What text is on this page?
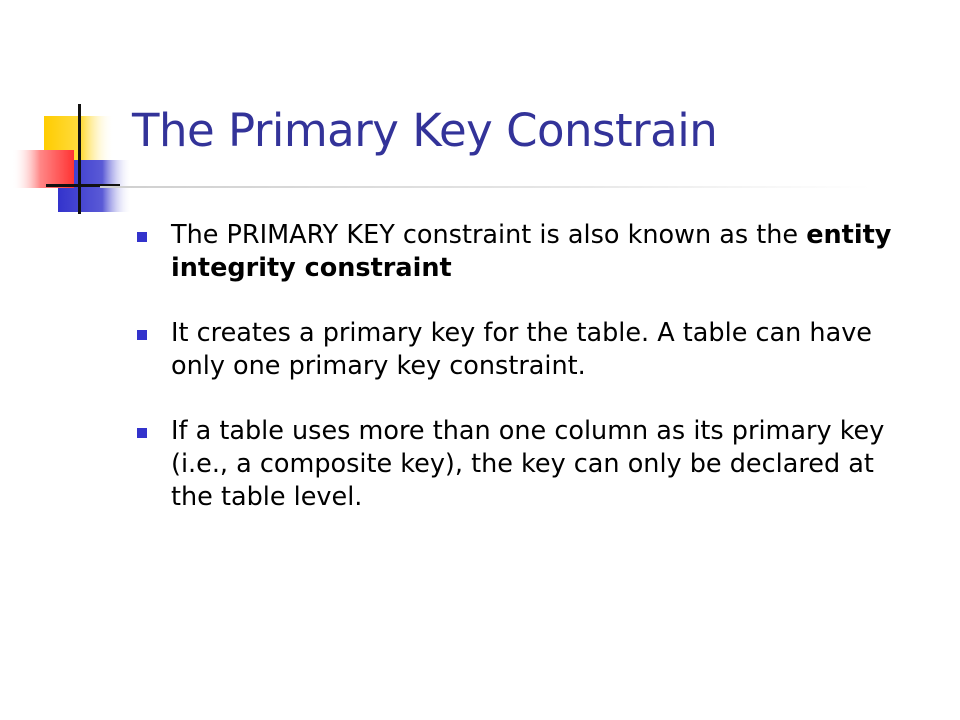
The Primary Key Constrain
The PRIMARY KEY constraint is also known as the entity integrity constraint
It creates a primary key for the table. A table can have only one primary key constraint.
If a table uses more than one column as its primary key (i.e., a composite key), the key can only be declared at the table level.
